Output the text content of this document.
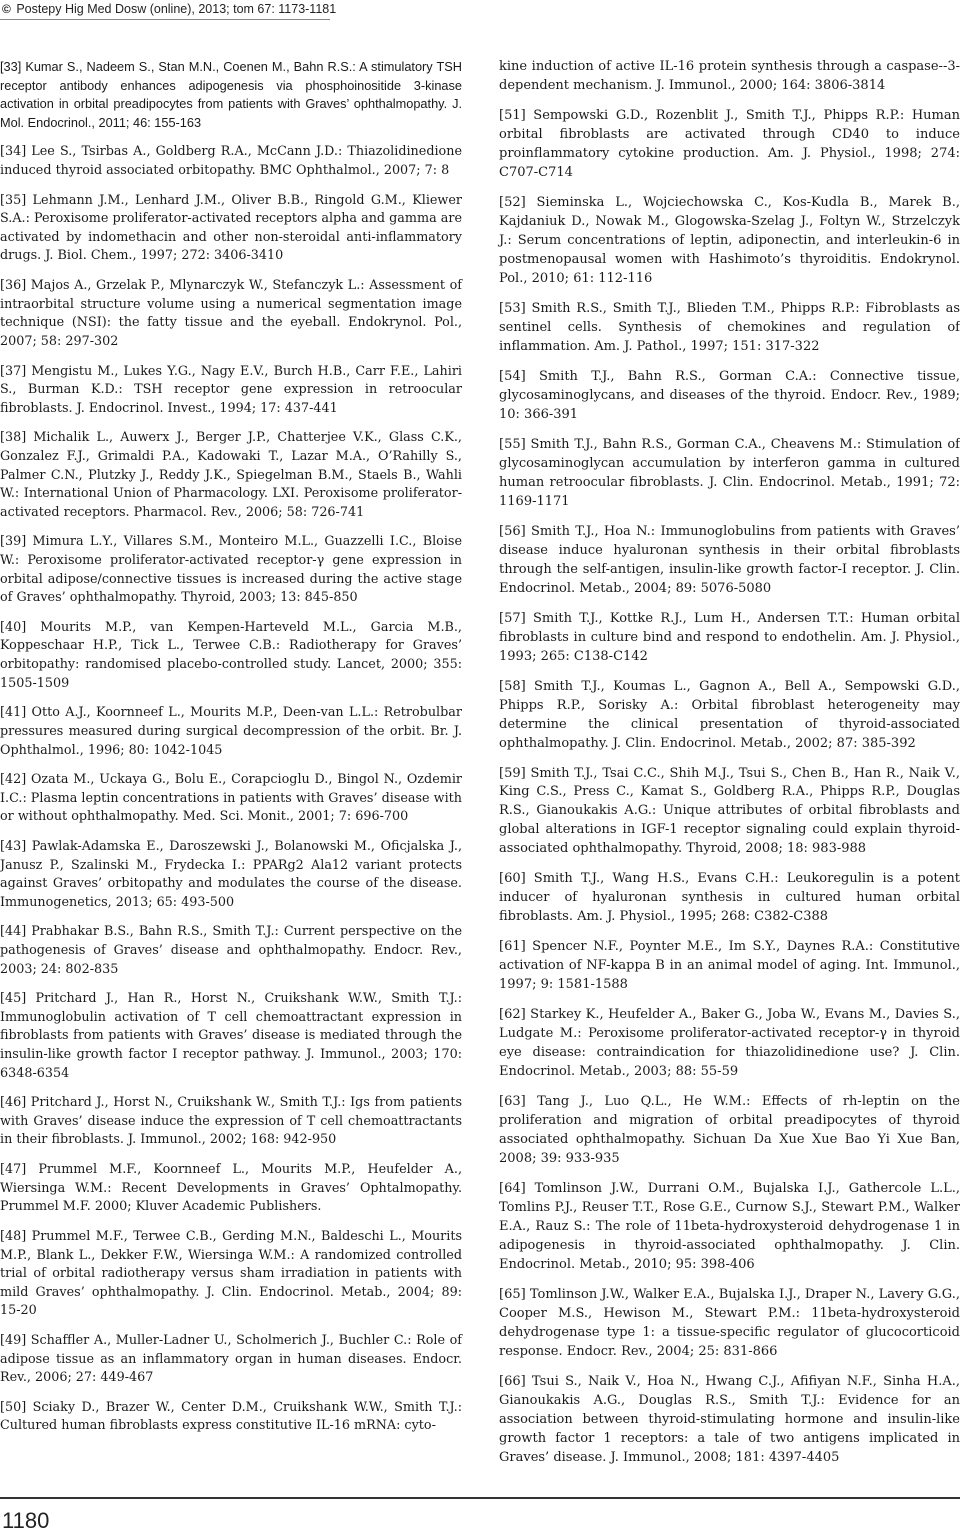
© Postepy Hig Med Dosw (online), 2013; tom 67: 1173-1181

[33] Kumar S., Nadeem S., Stan M.N., Coenen M., Bahn R.S.: A stimulatory TSH receptor antibody enhances adipogenesis via phosphoinositide 3-kinase activation in orbital preadipocytes from patients with Graves’ ophthalmopathy. J. Mol. Endocrinol., 2011; 46: 155-163

[34] Lee S., Tsirbas A., Goldberg R.A., McCann J.D.: Thiazolidinedione induced thyroid associated orbitopathy. BMC Ophthalmol., 2007; 7: 8

[35] Lehmann J.M., Lenhard J.M., Oliver B.B., Ringold G.M., Kliewer S.A.: Peroxisome proliferator-activated receptors alpha and gamma are activated by indomethacin and other non-steroidal anti-inflammatory drugs. J. Biol. Chem., 1997; 272: 3406-3410

[36] Majos A., Grzelak P., Mlynarczyk W., Stefanczyk L.: Assessment of intraorbital structure volume using a numerical segmentation image technique (NSI): the fatty tissue and the eyeball. Endokrynol. Pol., 2007; 58: 297-302

[37] Mengistu M., Lukes Y.G., Nagy E.V., Burch H.B., Carr F.E., Lahiri S., Burman K.D.: TSH receptor gene expression in retroocular fibroblasts. J. Endocrinol. Invest., 1994; 17: 437-441

[38] Michalik L., Auwerx J., Berger J.P., Chatterjee V.K., Glass C.K., Gonzalez F.J., Grimaldi P.A., Kadowaki T., Lazar M.A., O’Rahilly S., Palmer C.N., Plutzky J., Reddy J.K., Spiegelman B.M., Staels B., Wahli W.: International Union of Pharmacology. LXI. Peroxisome proliferator-activated receptors. Pharmacol. Rev., 2006; 58: 726-741

[39] Mimura L.Y., Villares S.M., Monteiro M.L., Guazzelli I.C., Bloise W.: Peroxisome proliferator-activated receptor-γ gene expression in orbital adipose/connective tissues is increased during the active stage of Graves’ ophthalmopathy. Thyroid, 2003; 13: 845-850

[40] Mourits M.P., van Kempen-Harteveld M.L., Garcia M.B., Koppeschaar H.P., Tick L., Terwee C.B.: Radiotherapy for Graves’ orbitopathy: randomised placebo-controlled study. Lancet, 2000; 355: 1505-1509

[41] Otto A.J., Koornneef L., Mourits M.P., Deen-van L.L.: Retrobulbar pressures measured during surgical decompression of the orbit. Br. J. Ophthalmol., 1996; 80: 1042-1045

[42] Ozata M., Uckaya G., Bolu E., Corapcioglu D., Bingol N., Ozdemir I.C.: Plasma leptin concentrations in patients with Graves’ disease with or without ophthalmopathy. Med. Sci. Monit., 2001; 7: 696-700

[43] Pawlak-Adamska E., Daroszewski J., Bolanowski M., Oficjalska J., Janusz P., Szalinski M., Frydecka I.: PPARg2 Ala12 variant protects against Graves’ orbitopathy and modulates the course of the disease. Immunogenetics, 2013; 65: 493-500

[44] Prabhakar B.S., Bahn R.S., Smith T.J.: Current perspective on the pathogenesis of Graves’ disease and ophthalmopathy. Endocr. Rev., 2003; 24: 802-835

[45] Pritchard J., Han R., Horst N., Cruikshank W.W., Smith T.J.: Immunoglobulin activation of T cell chemoattractant expression in fibroblasts from patients with Graves’ disease is mediated through the insulin-like growth factor I receptor pathway. J. Immunol., 2003; 170: 6348-6354

[46] Pritchard J., Horst N., Cruikshank W., Smith T.J.: Igs from patients with Graves’ disease induce the expression of T cell chemoattractants in their fibroblasts. J. Immunol., 2002; 168: 942-950

[47] Prummel M.F., Koornneef L., Mourits M.P., Heufelder A., Wiersinga W.M.: Recent Developments in Graves’ Ophtalmopathy. Prummel M.F. 2000; Kluver Academic Publishers.

[48] Prummel M.F., Terwee C.B., Gerding M.N., Baldeschi L., Mourits M.P., Blank L., Dekker F.W., Wiersinga W.M.: A randomized controlled trial of orbital radiotherapy versus sham irradiation in patients with mild Graves’ ophthalmopathy. J. Clin. Endocrinol. Metab., 2004; 89: 15-20

[49] Schaffler A., Muller-Ladner U., Scholmerich J., Buchler C.: Role of adipose tissue as an inflammatory organ in human diseases. Endocr. Rev., 2006; 27: 449-467

[50] Sciaky D., Brazer W., Center D.M., Cruikshank W.W., Smith T.J.: Cultured human fibroblasts express constitutive IL-16 mRNA: cyto-

kine induction of active IL-16 protein synthesis through a caspase--3-dependent mechanism. J. Immunol., 2000; 164: 3806-3814

[51] Sempowski G.D., Rozenblit J., Smith T.J., Phipps R.P.: Human orbital fibroblasts are activated through CD40 to induce proinflammatory cytokine production. Am. J. Physiol., 1998; 274: C707-C714

[52] Sieminska L., Wojciechowska C., Kos-Kudla B., Marek B., Kajdaniuk D., Nowak M., Glogowska-Szelag J., Foltyn W., Strzelczyk J.: Serum concentrations of leptin, adiponectin, and interleukin-6 in postmenopausal women with Hashimoto’s thyroiditis. Endokrynol. Pol., 2010; 61: 112-116

[53] Smith R.S., Smith T.J., Blieden T.M., Phipps R.P.: Fibroblasts as sentinel cells. Synthesis of chemokines and regulation of inflammation. Am. J. Pathol., 1997; 151: 317-322

[54] Smith T.J., Bahn R.S., Gorman C.A.: Connective tissue, glycosaminoglycans, and diseases of the thyroid. Endocr. Rev., 1989; 10: 366-391

[55] Smith T.J., Bahn R.S., Gorman C.A., Cheavens M.: Stimulation of glycosaminoglycan accumulation by interferon gamma in cultured human retroocular fibroblasts. J. Clin. Endocrinol. Metab., 1991; 72: 1169-1171

[56] Smith T.J., Hoa N.: Immunoglobulins from patients with Graves’ disease induce hyaluronan synthesis in their orbital fibroblasts through the self-antigen, insulin-like growth factor-I receptor. J. Clin. Endocrinol. Metab., 2004; 89: 5076-5080

[57] Smith T.J., Kottke R.J., Lum H., Andersen T.T.: Human orbital fibroblasts in culture bind and respond to endothelin. Am. J. Physiol., 1993; 265: C138-C142

[58] Smith T.J., Koumas L., Gagnon A., Bell A., Sempowski G.D., Phipps R.P., Sorisky A.: Orbital fibroblast heterogeneity may determine the clinical presentation of thyroid-associated ophthalmopathy. J. Clin. Endocrinol. Metab., 2002; 87: 385-392

[59] Smith T.J., Tsai C.C., Shih M.J., Tsui S., Chen B., Han R., Naik V., King C.S., Press C., Kamat S., Goldberg R.A., Phipps R.P., Douglas R.S., Gianoukakis A.G.: Unique attributes of orbital fibroblasts and global alterations in IGF-1 receptor signaling could explain thyroid-associated ophthalmopathy. Thyroid, 2008; 18: 983-988

[60] Smith T.J., Wang H.S., Evans C.H.: Leukoregulin is a potent inducer of hyaluronan synthesis in cultured human orbital fibroblasts. Am. J. Physiol., 1995; 268: C382-C388

[61] Spencer N.F., Poynter M.E., Im S.Y., Daynes R.A.: Constitutive activation of NF-kappa B in an animal model of aging. Int. Immunol., 1997; 9: 1581-1588

[62] Starkey K., Heufelder A., Baker G., Joba W., Evans M., Davies S., Ludgate M.: Peroxisome proliferator-activated receptor-γ in thyroid eye disease: contraindication for thiazolidinedione use? J. Clin. Endocrinol. Metab., 2003; 88: 55-59

[63] Tang J., Luo Q.L., He W.M.: Effects of rh-leptin on the proliferation and migration of orbital preadipocytes of thyroid associated ophthalmopathy. Sichuan Da Xue Xue Bao Yi Xue Ban, 2008; 39: 933-935

[64] Tomlinson J.W., Durrani O.M., Bujalska I.J., Gathercole L.L., Tomlins P.J., Reuser T.T., Rose G.E., Curnow S.J., Stewart P.M., Walker E.A., Rauz S.: The role of 11beta-hydroxysteroid dehydrogenase 1 in adipogenesis in thyroid-associated ophthalmopathy. J. Clin. Endocrinol. Metab., 2010; 95: 398-406

[65] Tomlinson J.W., Walker E.A., Bujalska I.J., Draper N., Lavery G.G., Cooper M.S., Hewison M., Stewart P.M.: 11beta-hydroxysteroid dehydrogenase type 1: a tissue-specific regulator of glucocorticoid response. Endocr. Rev., 2004; 25: 831-866

[66] Tsui S., Naik V., Hoa N., Hwang C.J., Afifiyan N.F., Sinha H.A., Gianoukakis A.G., Douglas R.S., Smith T.J.: Evidence for an association between thyroid-stimulating hormone and insulin-like growth factor 1 receptors: a tale of two antigens implicated in Graves’ disease. J. Immunol., 2008; 181: 4397-4405

1180
